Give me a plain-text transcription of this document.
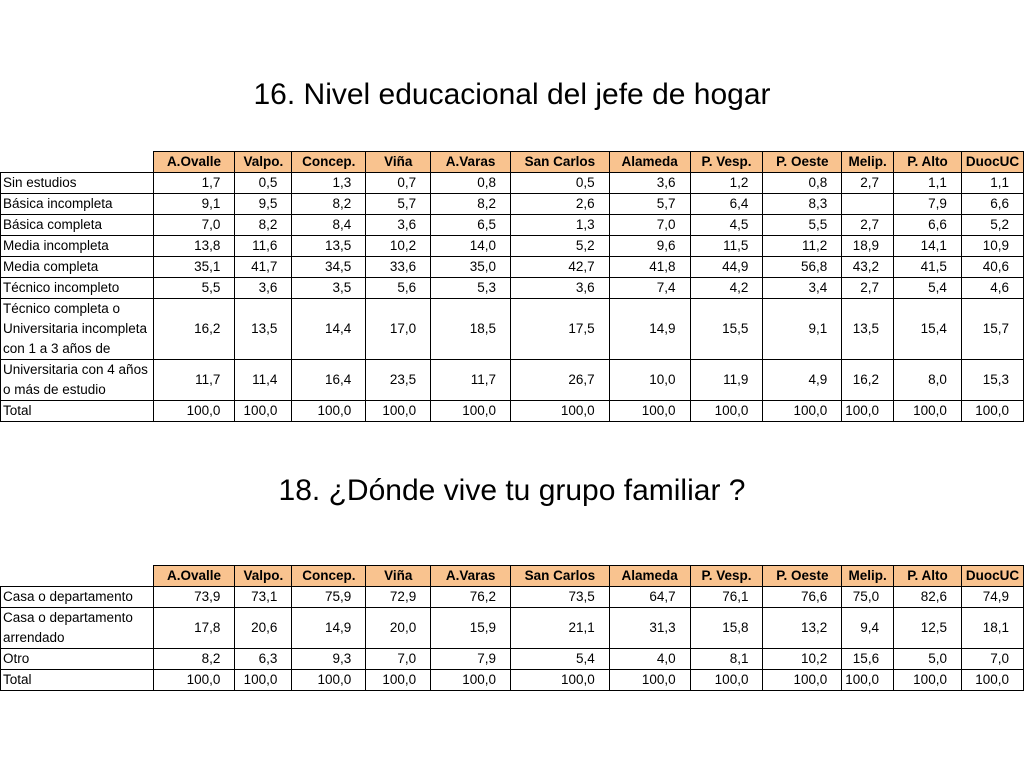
16. Nivel educacional del jefe de hogar
	A.Ovalle	Valpo.	Concep.	Viña	A.Varas	San Carlos	Alameda	P. Vesp.	P. Oeste	Melip.	P. Alto	DuocUC
Sin estudios	1,7	0,5	1,3	0,7	0,8	0,5	3,6	1,2	0,8	2,7	1,1	1,1
Básica incompleta	9,1	9,5	8,2	5,7	8,2	2,6	5,7	6,4	8,3		7,9	6,6
Básica completa	7,0	8,2	8,4	3,6	6,5	1,3	7,0	4,5	5,5	2,7	6,6	5,2
Media incompleta	13,8	11,6	13,5	10,2	14,0	5,2	9,6	11,5	11,2	18,9	14,1	10,9
Media completa	35,1	41,7	34,5	33,6	35,0	42,7	41,8	44,9	56,8	43,2	41,5	40,6
Técnico incompleto	5,5	3,6	3,5	5,6	5,3	3,6	7,4	4,2	3,4	2,7	5,4	4,6
Técnico completa o Universitaria incompleta con 1 a 3 años de	16,2	13,5	14,4	17,0	18,5	17,5	14,9	15,5	9,1	13,5	15,4	15,7
Universitaria con 4 años o más de estudio	11,7	11,4	16,4	23,5	11,7	26,7	10,0	11,9	4,9	16,2	8,0	15,3
Total	100,0	100,0	100,0	100,0	100,0	100,0	100,0	100,0	100,0	100,0	100,0	100,0
18. ¿Dónde vive tu grupo familiar ?
	A.Ovalle	Valpo.	Concep.	Viña	A.Varas	San Carlos	Alameda	P. Vesp.	P. Oeste	Melip.	P. Alto	DuocUC
Casa o departamento	73,9	73,1	75,9	72,9	76,2	73,5	64,7	76,1	76,6	75,0	82,6	74,9
Casa o departamento arrendado	17,8	20,6	14,9	20,0	15,9	21,1	31,3	15,8	13,2	9,4	12,5	18,1
Otro	8,2	6,3	9,3	7,0	7,9	5,4	4,0	8,1	10,2	15,6	5,0	7,0
Total	100,0	100,0	100,0	100,0	100,0	100,0	100,0	100,0	100,0	100,0	100,0	100,0
